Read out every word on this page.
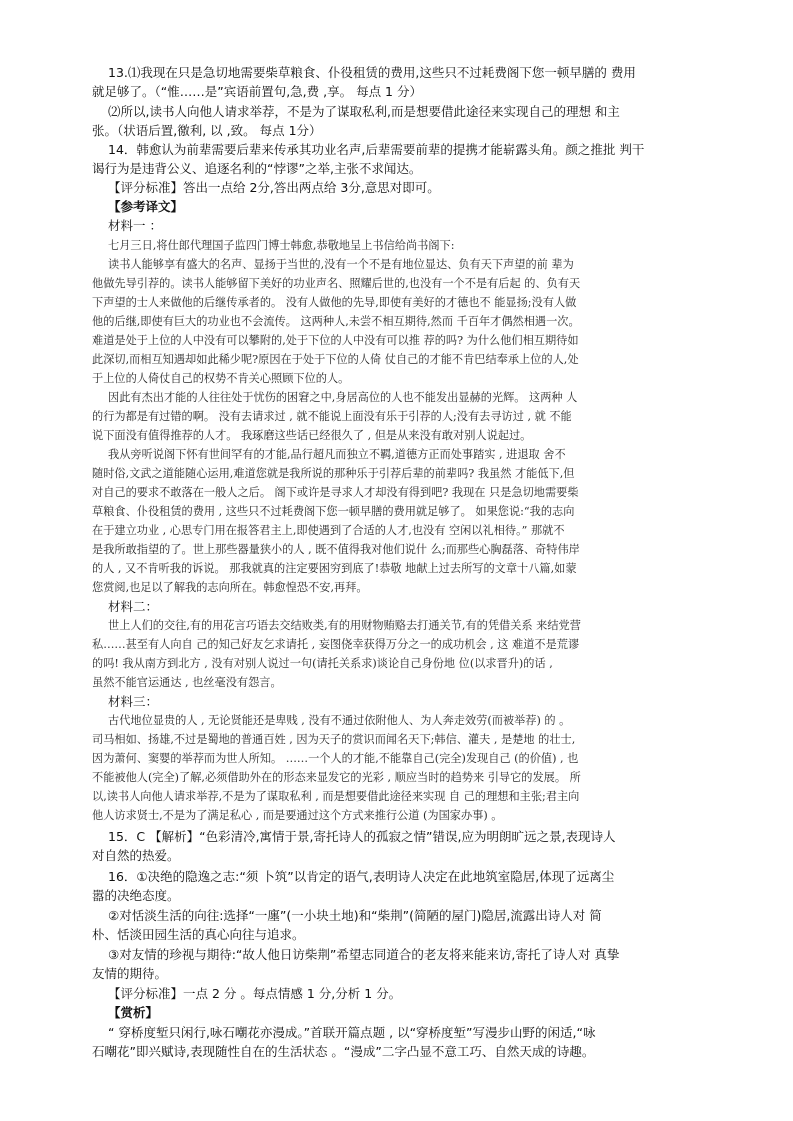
13.⑴我现在只是急切地需要柴草粮食、仆役租赁的费用,这些只不过耗费阁下您一顿早膳的 费用
就足够了。（“惟……是”宾语前置句,急,费 ,享。 每点 1 分）
⑵所以,读书人向他人请求举荐，不是为了谋取私利,而是想要借此途径来实现自己的理想 和主
张。（状语后置,徼利, 以 ,致。 每点 1分）
14．韩愈认为前辈需要后辈来传承其功业名声,后辈需要前辈的提携才能崭露头角。颜之推批 判干
谒行为是违背公义、追逐名利的“悖谬”之举,主张不求闻达。
【评分标准】答出一点给 2分,答出两点给 3分,意思对即可。
【参考译文】
材料一 ：
七月三日,将仕郎代理国子监四门博士韩愈,恭敬地呈上书信给尚书阁下:
读书人能够享有盛大的名声、显扬于当世的,没有一个不是有地位显达、负有天下声望的前 辈为
他做先导引荐的。读书人能够留下美好的功业声名、照耀后世的,也没有一个不是有后起 的、负有天
下声望的士人来做他的后继传承者的。 没有人做他的先导,即使有美好的才德也不 能显扬;没有人做
他的后继,即使有巨大的功业也不会流传。 这两种人,未尝不相互期待,然而 千百年才偶然相遇一次。
难道是处于上位的人中没有可以攀附的,处于下位的人中没有可以推 荐的吗? 为什么他们相互期待如
此深切,而相互知遇却如此稀少呢?原因在于处于下位的人倚 仗自己的才能不肯巴结奉承上位的人,处
于上位的人倚仗自己的权势不肯关心照顾下位的人。
因此有杰出才能的人往往处于忧伤的困窘之中,身居高位的人也不能发出显赫的光辉。 这两种 人
的行为都是有过错的啊。 没有去请求过 , 就不能说上面没有乐于引荐的人;没有去寻访过 , 就 不能
说下面没有值得推荐的人才。 我琢磨这些话已经很久了 , 但是从来没有敢对别人说起过。
我从旁听说阁下怀有世间罕有的才能,品行超凡而独立不羁,道德方正而处事踏实 , 进退取 舍不
随时俗,文武之道能随心运用,难道您就是我所说的那种乐于引荐后辈的前辈吗? 我虽然 才能低下,但
对自己的要求不敢落在一般人之后。 阁下或许是寻求人才却没有得到吧? 我现在 只是急切地需要柴
草粮食、仆役租赁的费用 , 这些只不过耗费阁下您一顿早膳的费用就足够了。 如果您说:“我的志向
在于建立功业 , 心思专门用在报答君主上,即使遇到了合适的人才,也没有 空闲以礼相待。” 那就不
是我所敢指望的了。世上那些器量狭小的人 , 既不值得我对他们说什 么;而那些心胸磊落、奇特伟岸
的人 , 又不肯听我的诉说。 那我就真的注定要困穷到底了!恭敬 地献上过去所写的文章十八篇,如蒙
您赏阅,也足以了解我的志向所在。韩愈惶恐不安,再拜。
材料二：
世上人们的交往,有的用花言巧语去交结败类,有的用财物贿赂去打通关节,有的凭借关系 来结党营
私……甚至有人向自 己的知己好友乞求请托 , 妄图侥幸获得万分之一的成功机会 , 这 难道不是荒谬
的吗! 我从南方到北方 , 没有对别人说过一句(请托关系求)谈论自己身份地 位(以求晋升)的话 ,
虽然不能官运通达 , 也丝毫没有怨言。
材料三：
古代地位显贵的人 , 无论贤能还是卑贱 , 没有不通过依附他人、为人奔走效劳(而被举荐) 的 。
司马相如、扬雄,不过是蜀地的普通百姓 , 因为天子的赏识而闻名天下;韩信、灌夫 , 是楚地 的壮士,
因为萧何、窦婴的举荐而为世人所知。 ……一个人的才能,不能靠自己(完全)发现自己 (的价值) , 也
不能被他人(完全)了解,必须借助外在的形态来显发它的光彩 , 顺应当时的趋势来 引导它的发展。 所
以,读书人向他人请求举荐,不是为了谋取私利 , 而是想要借此途径来实现 自 己的理想和主张;君主向
他人访求贤士,不是为了满足私心 , 而是要通过这个方式来推行公道 (为国家办事) 。
15．C 【解析】“色彩清冷,寓情于景,寄托诗人的孤寂之情”错误,应为明朗旷远之景,表现诗人
对自然的热爱。
16．①决绝的隐逸之志:“须 卜筑”以肯定的语气,表明诗人决定在此地筑室隐居,体现了远离尘
嚣的决绝态度。
②对恬淡生活的向往:选择“一廛”(一小块土地)和“柴荆”(简陋的屋门)隐居,流露出诗人对 简
朴、恬淡田园生活的真心向往与追求。
③对友情的珍视与期待:“故人他日访柴荆”希望志同道合的老友将来能来访,寄托了诗人对 真挚
友情的期待。
【评分标准】一点 2 分 。每点情感 1 分,分析 1 分。
【赏析】
“ 穿桥度堑只闲行,咏石嘲花亦漫成。”首联开篇点题 , 以“穿桥度堑”写漫步山野的闲适,“咏
石嘲花”即兴赋诗,表现随性自在的生活状态 。“漫成”二字凸显不意工巧、自然天成的诗趣。
